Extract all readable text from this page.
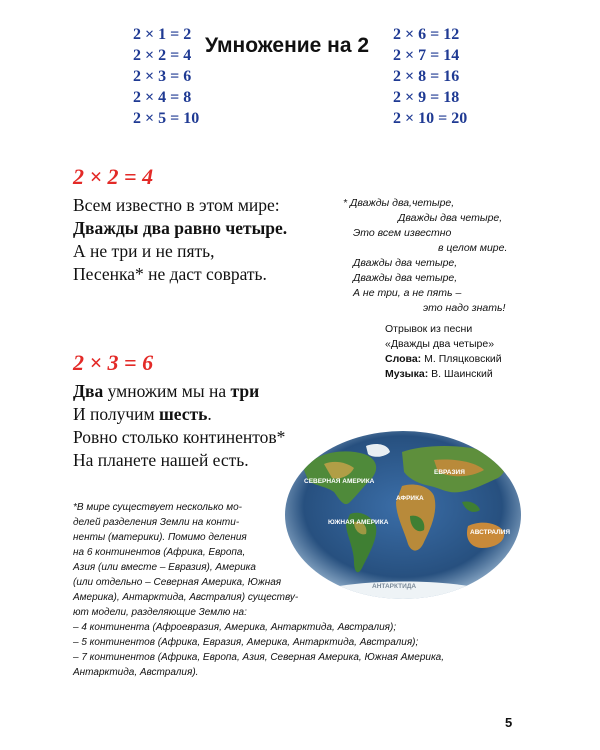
2 × 1 = 2
2 × 2 = 4
2 × 3 = 6
2 × 4 = 8
2 × 5 = 10
Умножение на 2 2 × 6 = 12
2 × 7 = 14
2 × 8 = 16
2 × 9 = 18
2 × 10 = 20
2 × 2 = 4
Всем известно в этом мире:
Дважды два равно четыре.
А не три и не пять,
Песенка* не даст соврать.
* Дважды два,четыре,
Дважды два четыре,
Это всем известно
в целом мире.
Дважды два четыре,
Дважды два четыре,
А не три, а не пять –
это надо знать!
Отрывок из песни
«Дважды два четыре»
Слова: М. Пляцковский
Музыка: В. Шаинский
2 × 3 = 6
Два умножим мы на три
И получим шесть.
Ровно столько континентов*
На планете нашей есть.
СЕВЕРНАЯ АМЕРИКА
ЕВРАЗИЯ
АФРИКА
ЮЖНАЯ АМЕРИКА
АВСТРАЛИЯ
АНТАРКТИДА
*В мире существует несколько мо-
делей разделения Земли на конти-
ненты (материки). Помимо деления
на 6 континентов (Африка, Европа,
Азия (или вместе – Евразия), Америка
(или отдельно – Северная Америка, Южная
Америка), Антарктида, Австралия) существу-
ют модели, разделяющие Землю на:
– 4 континента (Афроевразия, Америка, Антарктида, Австралия);
– 5 континентов (Африка, Евразия, Америка, Антарктида, Австралия);
– 7 континентов (Африка, Европа, Азия, Северная Америка, Южная Америка,
Антарктида, Австралия).
5
